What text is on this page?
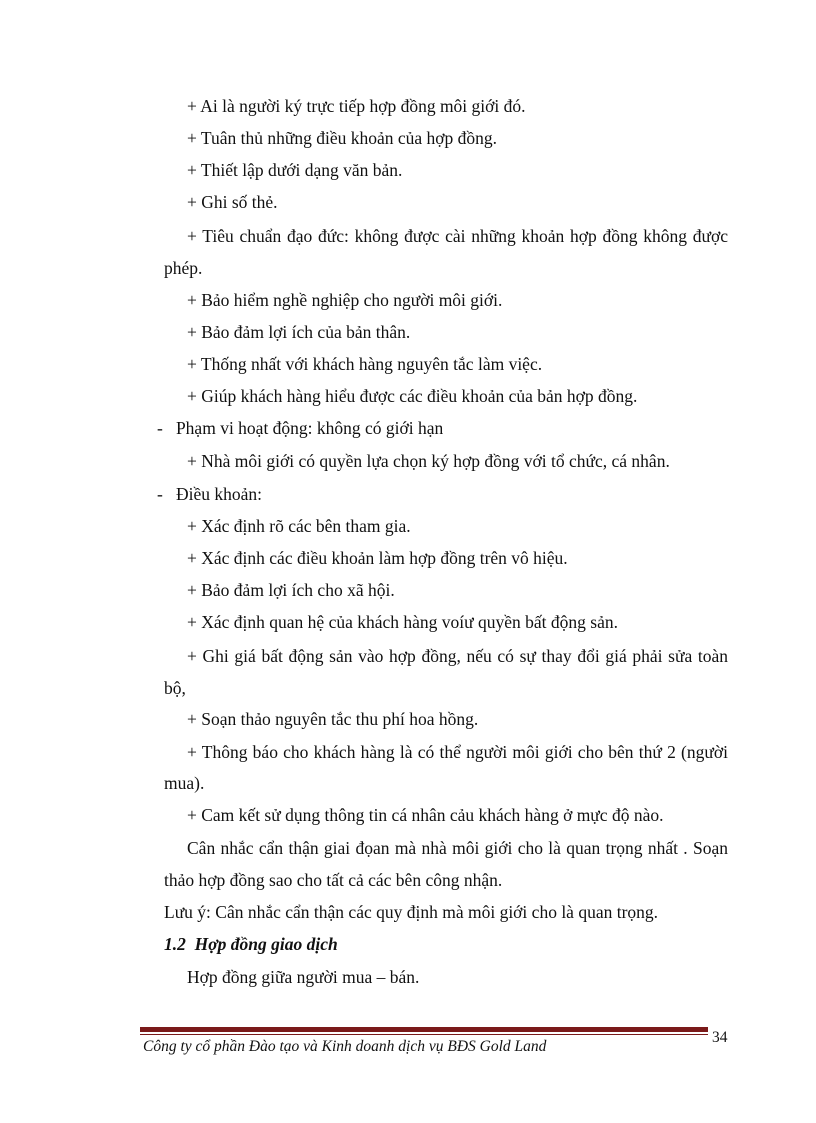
+ Ai là người ký trực tiếp hợp đồng môi giới đó.
+ Tuân thủ những điều khoản của hợp đồng.
+ Thiết lập dưới dạng văn bản.
+ Ghi số thẻ.
+ Tiêu chuẩn đạo đức: không được cài những khoản hợp đồng không được
phép.
+ Bảo hiểm nghề nghiệp cho người môi giới.
+ Bảo đảm lợi ích của bản thân.
+ Thống nhất với khách hàng nguyên tắc làm việc.
+ Giúp khách hàng hiểu được các điều khoản của bản hợp đồng.
-   Phạm vi hoạt động: không có giới hạn
+ Nhà môi giới có quyền lựa chọn ký hợp đồng với tổ chức, cá nhân.
-   Điều khoản:
+ Xác định rõ các bên tham gia.
+ Xác định các điều khoản làm hợp đồng trên vô hiệu.
+ Bảo đảm lợi ích cho xã hội.
+ Xác định quan hệ của khách hàng voíư quyền bất động sản.
+ Ghi giá bất động sản vào hợp đồng, nếu có sự thay đổi giá phải sửa toàn
bộ,
+ Soạn thảo nguyên tắc thu phí hoa hồng.
+ Thông báo cho khách hàng là có thể người môi giới cho bên thứ 2 (người
mua).
+ Cam kết sử dụng thông tin cá nhân cảu khách hàng ở mực độ nào.
Cân nhắc cẩn thận giai đọan mà nhà môi giới cho là quan trọng nhất . Soạn
thảo hợp đồng sao cho tất cả các bên công nhận.
Lưu ý: Cân nhắc cẩn thận các quy định mà môi giới cho là quan trọng.
1.2  Hợp đồng giao dịch
Hợp đồng giữa người mua – bán.
Công ty cổ phần Đào tạo và Kinh doanh dịch vụ BĐS Gold Land
34
